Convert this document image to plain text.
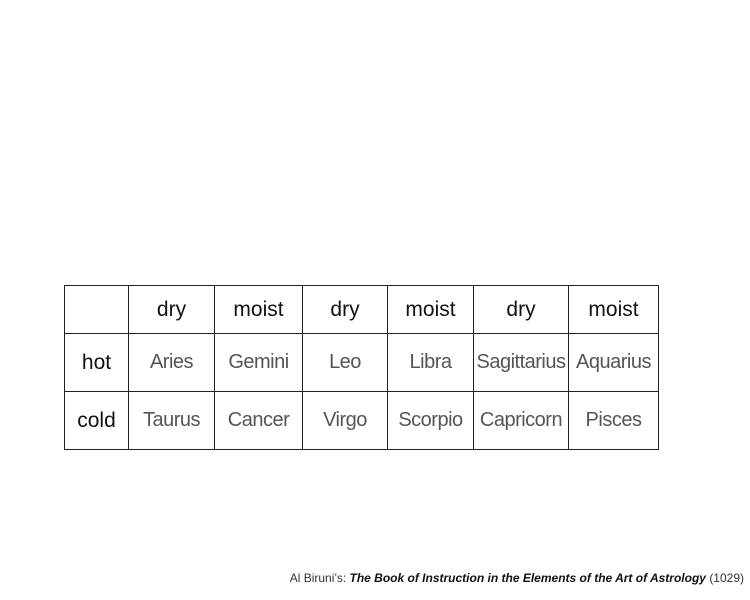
	dry	moist	dry	moist	dry	moist
hot	Aries	Gemini	Leo	Libra	Sagittarius	Aquarius
cold	Taurus	Cancer	Virgo	Scorpio	Capricorn	Pisces
Al Biruni’s: The Book of Instruction in the Elements of the Art of Astrology (1029)
